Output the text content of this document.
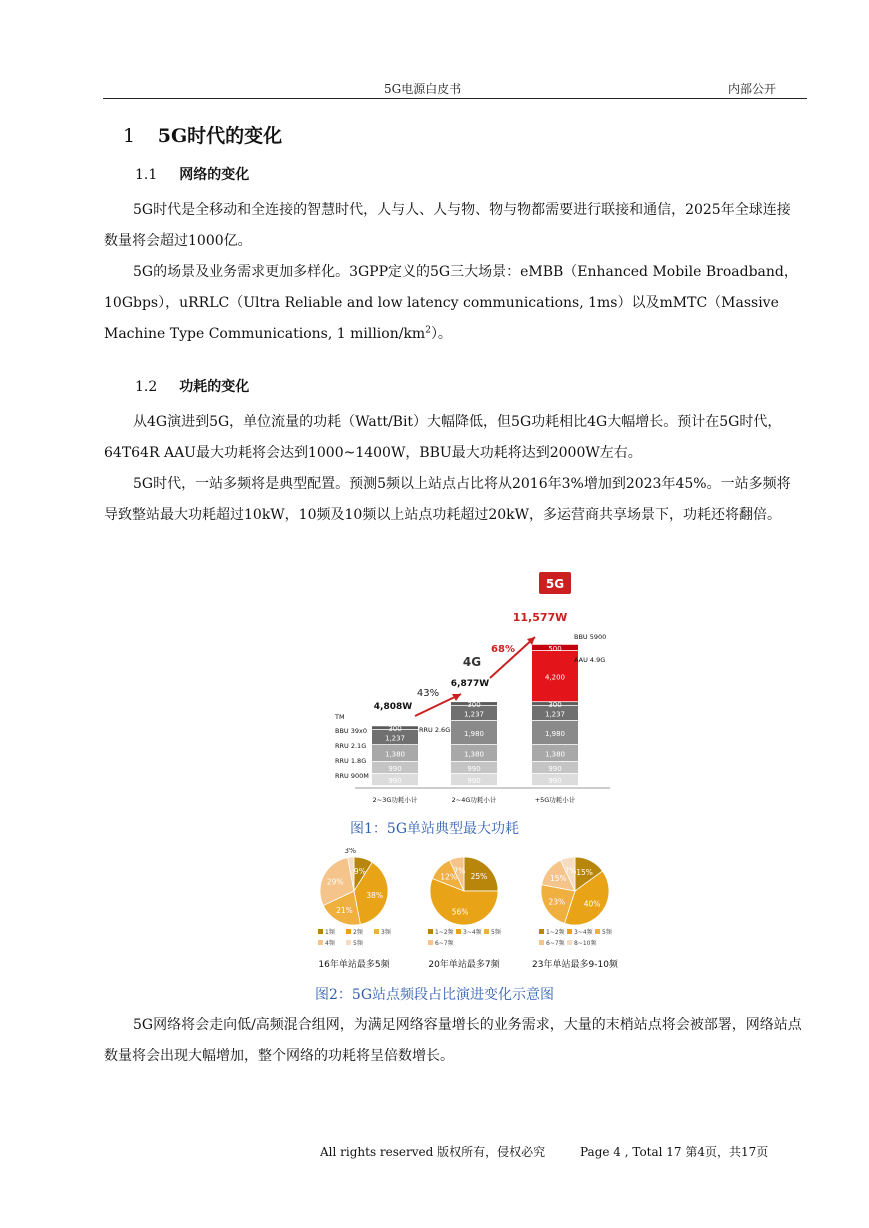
5G电源白皮书	内部公开
1 5G时代的变化
1.1 网络的变化

5G时代是全移动和全连接的智慧时代，人与人、人与物、物与物都需要进行联接和通信，2025年全球连接数量将会超过1000亿。

5G的场景及业务需求更加多样化。3GPP定义的5G三大场景：eMBB（Enhanced Mobile Broadband，10Gbps），uRRLC（Ultra Reliable and low latency communications, 1ms）以及mMTC（Massive Machine Type Communications, 1 million/$km^2$）。

1.2 功耗的变化

从4G演进到5G，单位流量的功耗（Watt/Bit）大幅降低，但5G功耗相比4G大幅增长。预计在5G时代，64T64R AAU最大功耗将会达到1000~1400W，BBU最大功耗将达到2000W左右。

5G时代，一站多频将是典型配置。预测5频以上站点占比将从2016年3%增加到2023年45%。一站多频将导致整站最大功耗超过10kW，10频及10频以上站点功耗超过20kW，多运营商共享场景下，功耗还将翻倍。

990
990
1,380
1,237
300
990
990
1,380
1,980
1,237
300
990
990
1,380
1,980
1,237
300
4,200
500
5G
11,577W
4G
6,877W
4,808W
68%
43%
TM
BBU 39x0
RRU 2.1G
RRU 1.8G
RRU 900M
RRU 2.6G
BBU 5900
AAU 4.9G
2~3G功耗小计	2~4G功耗小计	+5G功耗小计
图1：5G单站典型最大功耗
9%
38%
21%
29%
3%
1频	2频	3频
4频	5频
16年单站最多5频
25%
56%
12%
7%
1~2频 3~4频 5频
6~7频
20年单站最多7频
15%
40%
23%
15%
7%
1~2频 3~4频 5频
6~7频 8~10频
23年单站最多9-10频
图2：5G站点频段占比演进变化示意图

5G网络将会走向低/高频混合组网，为满足网络容量增长的业务需求，大量的末梢站点将会被部署，网络站点数量将会出现大幅增加，整个网络的功耗将呈倍数增长。

All rights reserved 版权所有，侵权必究	Page 4 , Total 17 第4页，共17页
